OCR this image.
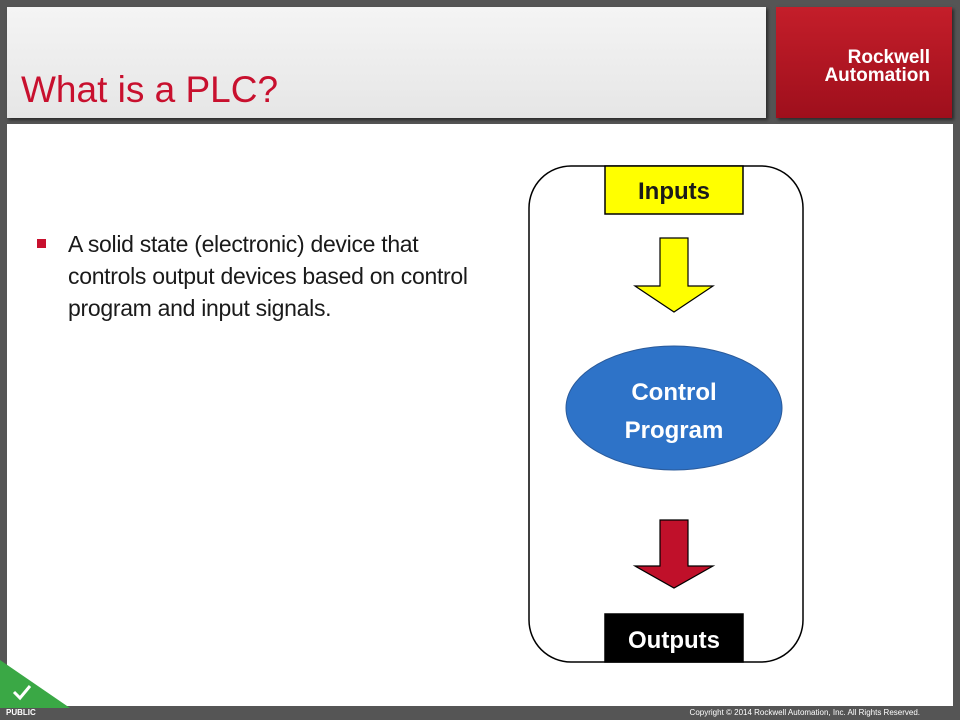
What is a PLC?
Rockwell
Automation
A solid state (electronic) device that controls output devices based on control program and input signals.
Inputs
Control
Program
Outputs
PUBLIC	Copyright © 2014 Rockwell Automation, Inc. All Rights Reserved.
